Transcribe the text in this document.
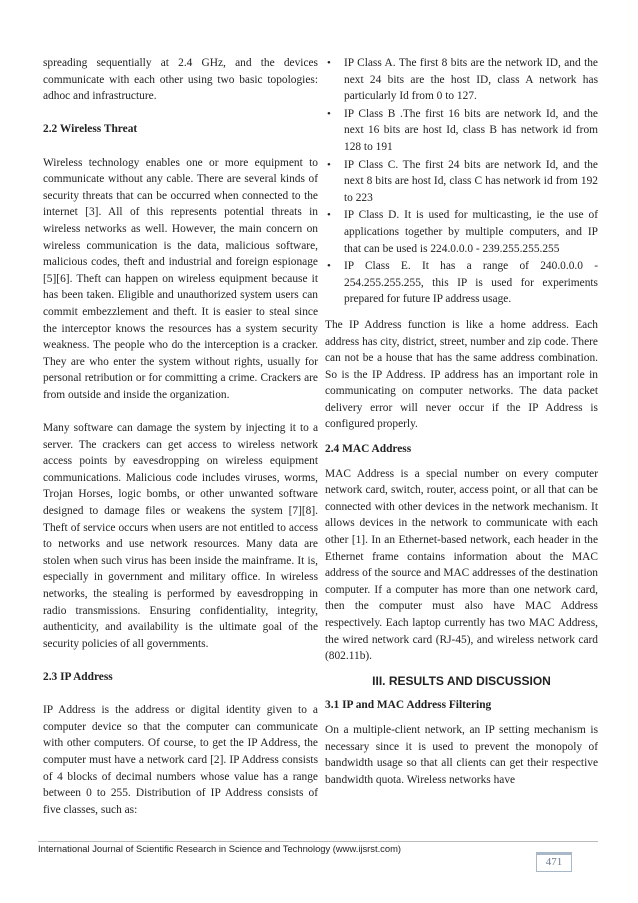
spreading sequentially at 2.4 GHz, and the devices communicate with each other using two basic topologies: adhoc and infrastructure.

2.2 Wireless Threat

Wireless technology enables one or more equipment to communicate without any cable. There are several kinds of security threats that can be occurred when connected to the internet [3]. All of this represents potential threats in wireless networks as well. However, the main concern on wireless communication is the data, malicious software, malicious codes, theft and industrial and foreign espionage [5][6]. Theft can happen on wireless equipment because it has been taken. Eligible and unauthorized system users can commit embezzlement and theft. It is easier to steal since the interceptor knows the resources has a system security weakness. The people who do the interception is a cracker. They are who enter the system without rights, usually for personal retribution or for committing a crime. Crackers are from outside and inside the organization.

Many software can damage the system by injecting it to a server. The crackers can get access to wireless network access points by eavesdropping on wireless equipment communications. Malicious code includes viruses, worms, Trojan Horses, logic bombs, or other unwanted software designed to damage files or weakens the system [7][8]. Theft of service occurs when users are not entitled to access to networks and use network resources. Many data are stolen when such virus has been inside the mainframe. It is, especially in government and military office. In wireless networks, the stealing is performed by eavesdropping in radio transmissions. Ensuring confidentiality, integrity, authenticity, and availability is the ultimate goal of the security policies of all governments.

2.3 IP Address

IP Address is the address or digital identity given to a computer device so that the computer can communicate with other computers. Of course, to get the IP Address, the computer must have a network card [2]. IP Address consists of 4 blocks of decimal numbers whose value has a range between 0 to 255. Distribution of IP Address consists of five classes, such as:

• IP Class A. The first 8 bits are the network ID, and the next 24 bits are the host ID, class A network has particularly Id from 0 to 127.
• IP Class B .The first 16 bits are network Id, and the next 16 bits are host Id, class B has network id from 128 to 191
• IP Class C. The first 24 bits are network Id, and the next 8 bits are host Id, class C has network id from 192 to 223
• IP Class D. It is used for multicasting, ie the use of applications together by multiple computers, and IP that can be used is 224.0.0.0 - 239.255.255.255
• IP Class E. It has a range of 240.0.0.0 - 254.255.255.255, this IP is used for experiments prepared for future IP address usage.

The IP Address function is like a home address. Each address has city, district, street, number and zip code. There can not be a house that has the same address combination. So is the IP Address. IP address has an important role in communicating on computer networks. The data packet delivery error will never occur if the IP Address is configured properly.

2.4 MAC Address

MAC Address is a special number on every computer network card, switch, router, access point, or all that can be connected with other devices in the network mechanism. It allows devices in the network to communicate with each other [1]. In an Ethernet-based network, each header in the Ethernet frame contains information about the MAC address of the source and MAC addresses of the destination computer. If a computer has more than one network card, then the computer must also have MAC Address respectively. Each laptop currently has two MAC Address, the wired network card (RJ-45), and wireless network card (802.11b).

III. RESULTS AND DISCUSSION
3.1 IP and MAC Address Filtering

On a multiple-client network, an IP setting mechanism is necessary since it is used to prevent the monopoly of bandwidth usage so that all clients can get their respective bandwidth quota. Wireless networks have

International Journal of Scientific Research in Science and Technology (www.ijsrst.com)
471
